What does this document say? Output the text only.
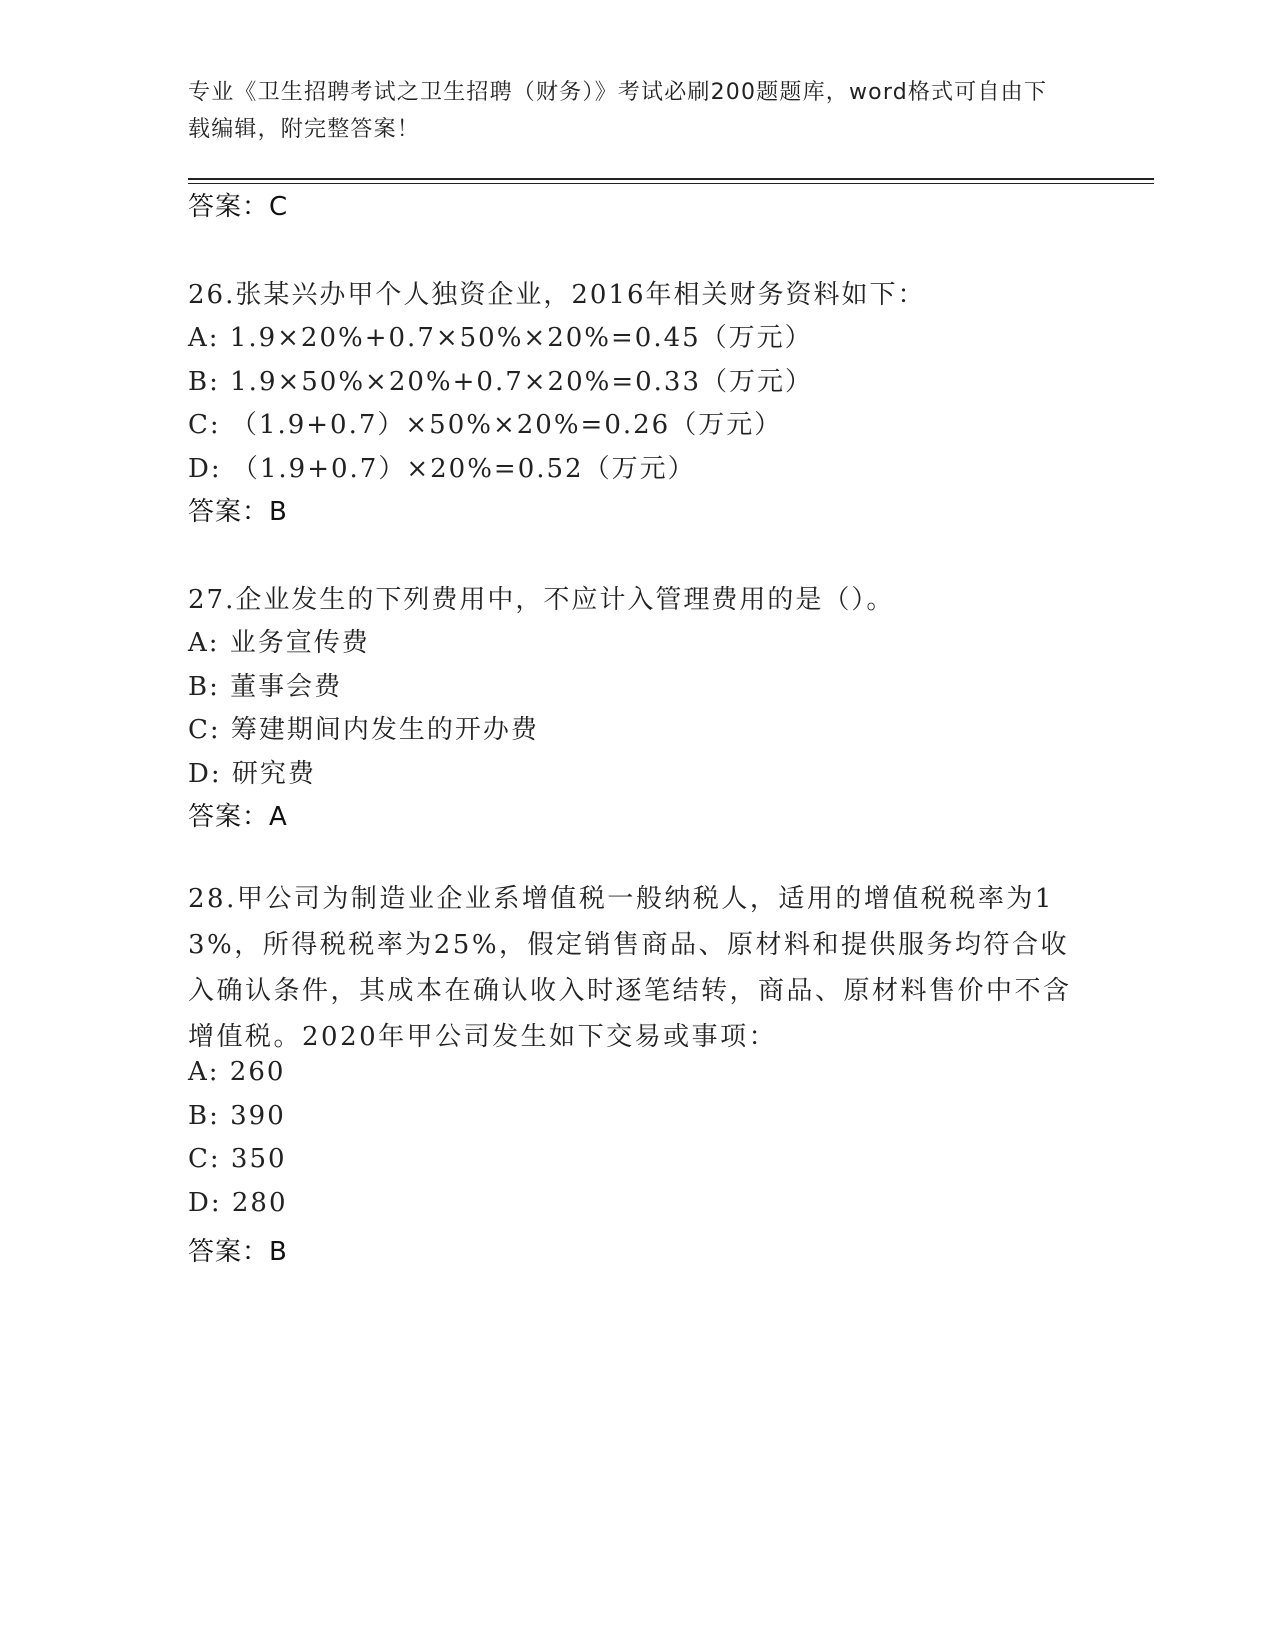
专业《卫生招聘考试之卫生招聘（财务）》考试必刷200题题库，word格式可自由下载编辑，附完整答案！
答案：C
26.张某兴办甲个人独资企业，2016年相关财务资料如下：
A: 1.9×20%+0.7×50%×20%=0.45（万元）
B: 1.9×50%×20%+0.7×20%=0.33（万元）
C: （1.9+0.7）×50%×20%=0.26（万元）
D: （1.9+0.7）×20%=0.52（万元）
答案：B
27.企业发生的下列费用中，不应计入管理费用的是（）。
A: 业务宣传费
B: 董事会费
C: 筹建期间内发生的开办费
D: 研究费
答案：A
28.甲公司为制造业企业系增值税一般纳税人，适用的增值税税率为13%，所得税税率为25%，假定销售商品、原材料和提供服务均符合收入确认条件，其成本在确认收入时逐笔结转，商品、原材料售价中不含增值税。2020年甲公司发生如下交易或事项：
A: 260
B: 390
C: 350
D: 280
答案：B
